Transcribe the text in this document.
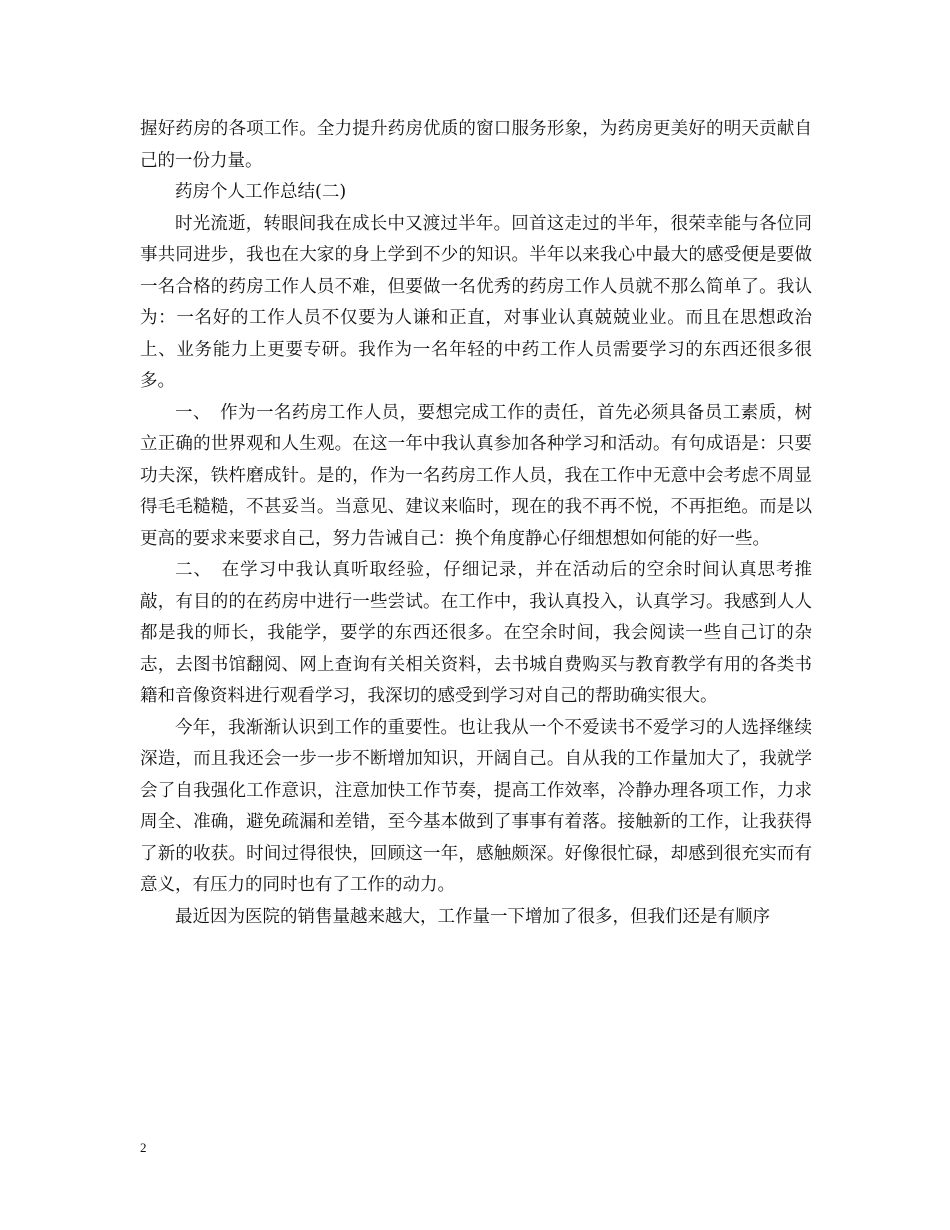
握好药房的各项工作。全力提升药房优质的窗口服务形象，为药房更美好的明天贡献自己的一份力量。

药房个人工作总结(二)

时光流逝，转眼间我在成长中又渡过半年。回首这走过的半年，很荣幸能与各位同事共同进步，我也在大家的身上学到不少的知识。半年以来我心中最大的感受便是要做一名合格的药房工作人员不难，但要做一名优秀的药房工作人员就不那么简单了。我认为：一名好的工作人员不仅要为人谦和正直，对事业认真兢兢业业。而且在思想政治上、业务能力上更要专研。我作为一名年轻的中药工作人员需要学习的东西还很多很多。

一、　作为一名药房工作人员，要想完成工作的责任，首先必须具备员工素质，树立正确的世界观和人生观。在这一年中我认真参加各种学习和活动。有句成语是：只要功夫深，铁杵磨成针。是的，作为一名药房工作人员，我在工作中无意中会考虑不周显得毛毛糙糙，不甚妥当。当意见、建议来临时，现在的我不再不悦，不再拒绝。而是以更高的要求来要求自己，努力告诫自己：换个角度静心仔细想想如何能的好一些。

二、　在学习中我认真听取经验，仔细记录，并在活动后的空余时间认真思考推敲，有目的的在药房中进行一些尝试。在工作中，我认真投入，认真学习。我感到人人都是我的师长，我能学，要学的东西还很多。在空余时间，我会阅读一些自己订的杂志，去图书馆翻阅、网上查询有关相关资料，去书城自费购买与教育教学有用的各类书籍和音像资料进行观看学习，我深切的感受到学习对自己的帮助确实很大。

今年，我渐渐认识到工作的重要性。也让我从一个不爱读书不爱学习的人选择继续深造，而且我还会一步一步不断增加知识，开阔自己。自从我的工作量加大了，我就学会了自我强化工作意识，注意加快工作节奏，提高工作效率，冷静办理各项工作，力求周全、准确，避免疏漏和差错，至今基本做到了事事有着落。接触新的工作，让我获得了新的收获。时间过得很快，回顾这一年，感触颇深。好像很忙碌，却感到很充实而有意义，有压力的同时也有了工作的动力。

最近因为医院的销售量越来越大，工作量一下增加了很多，但我们还是有顺序

2
